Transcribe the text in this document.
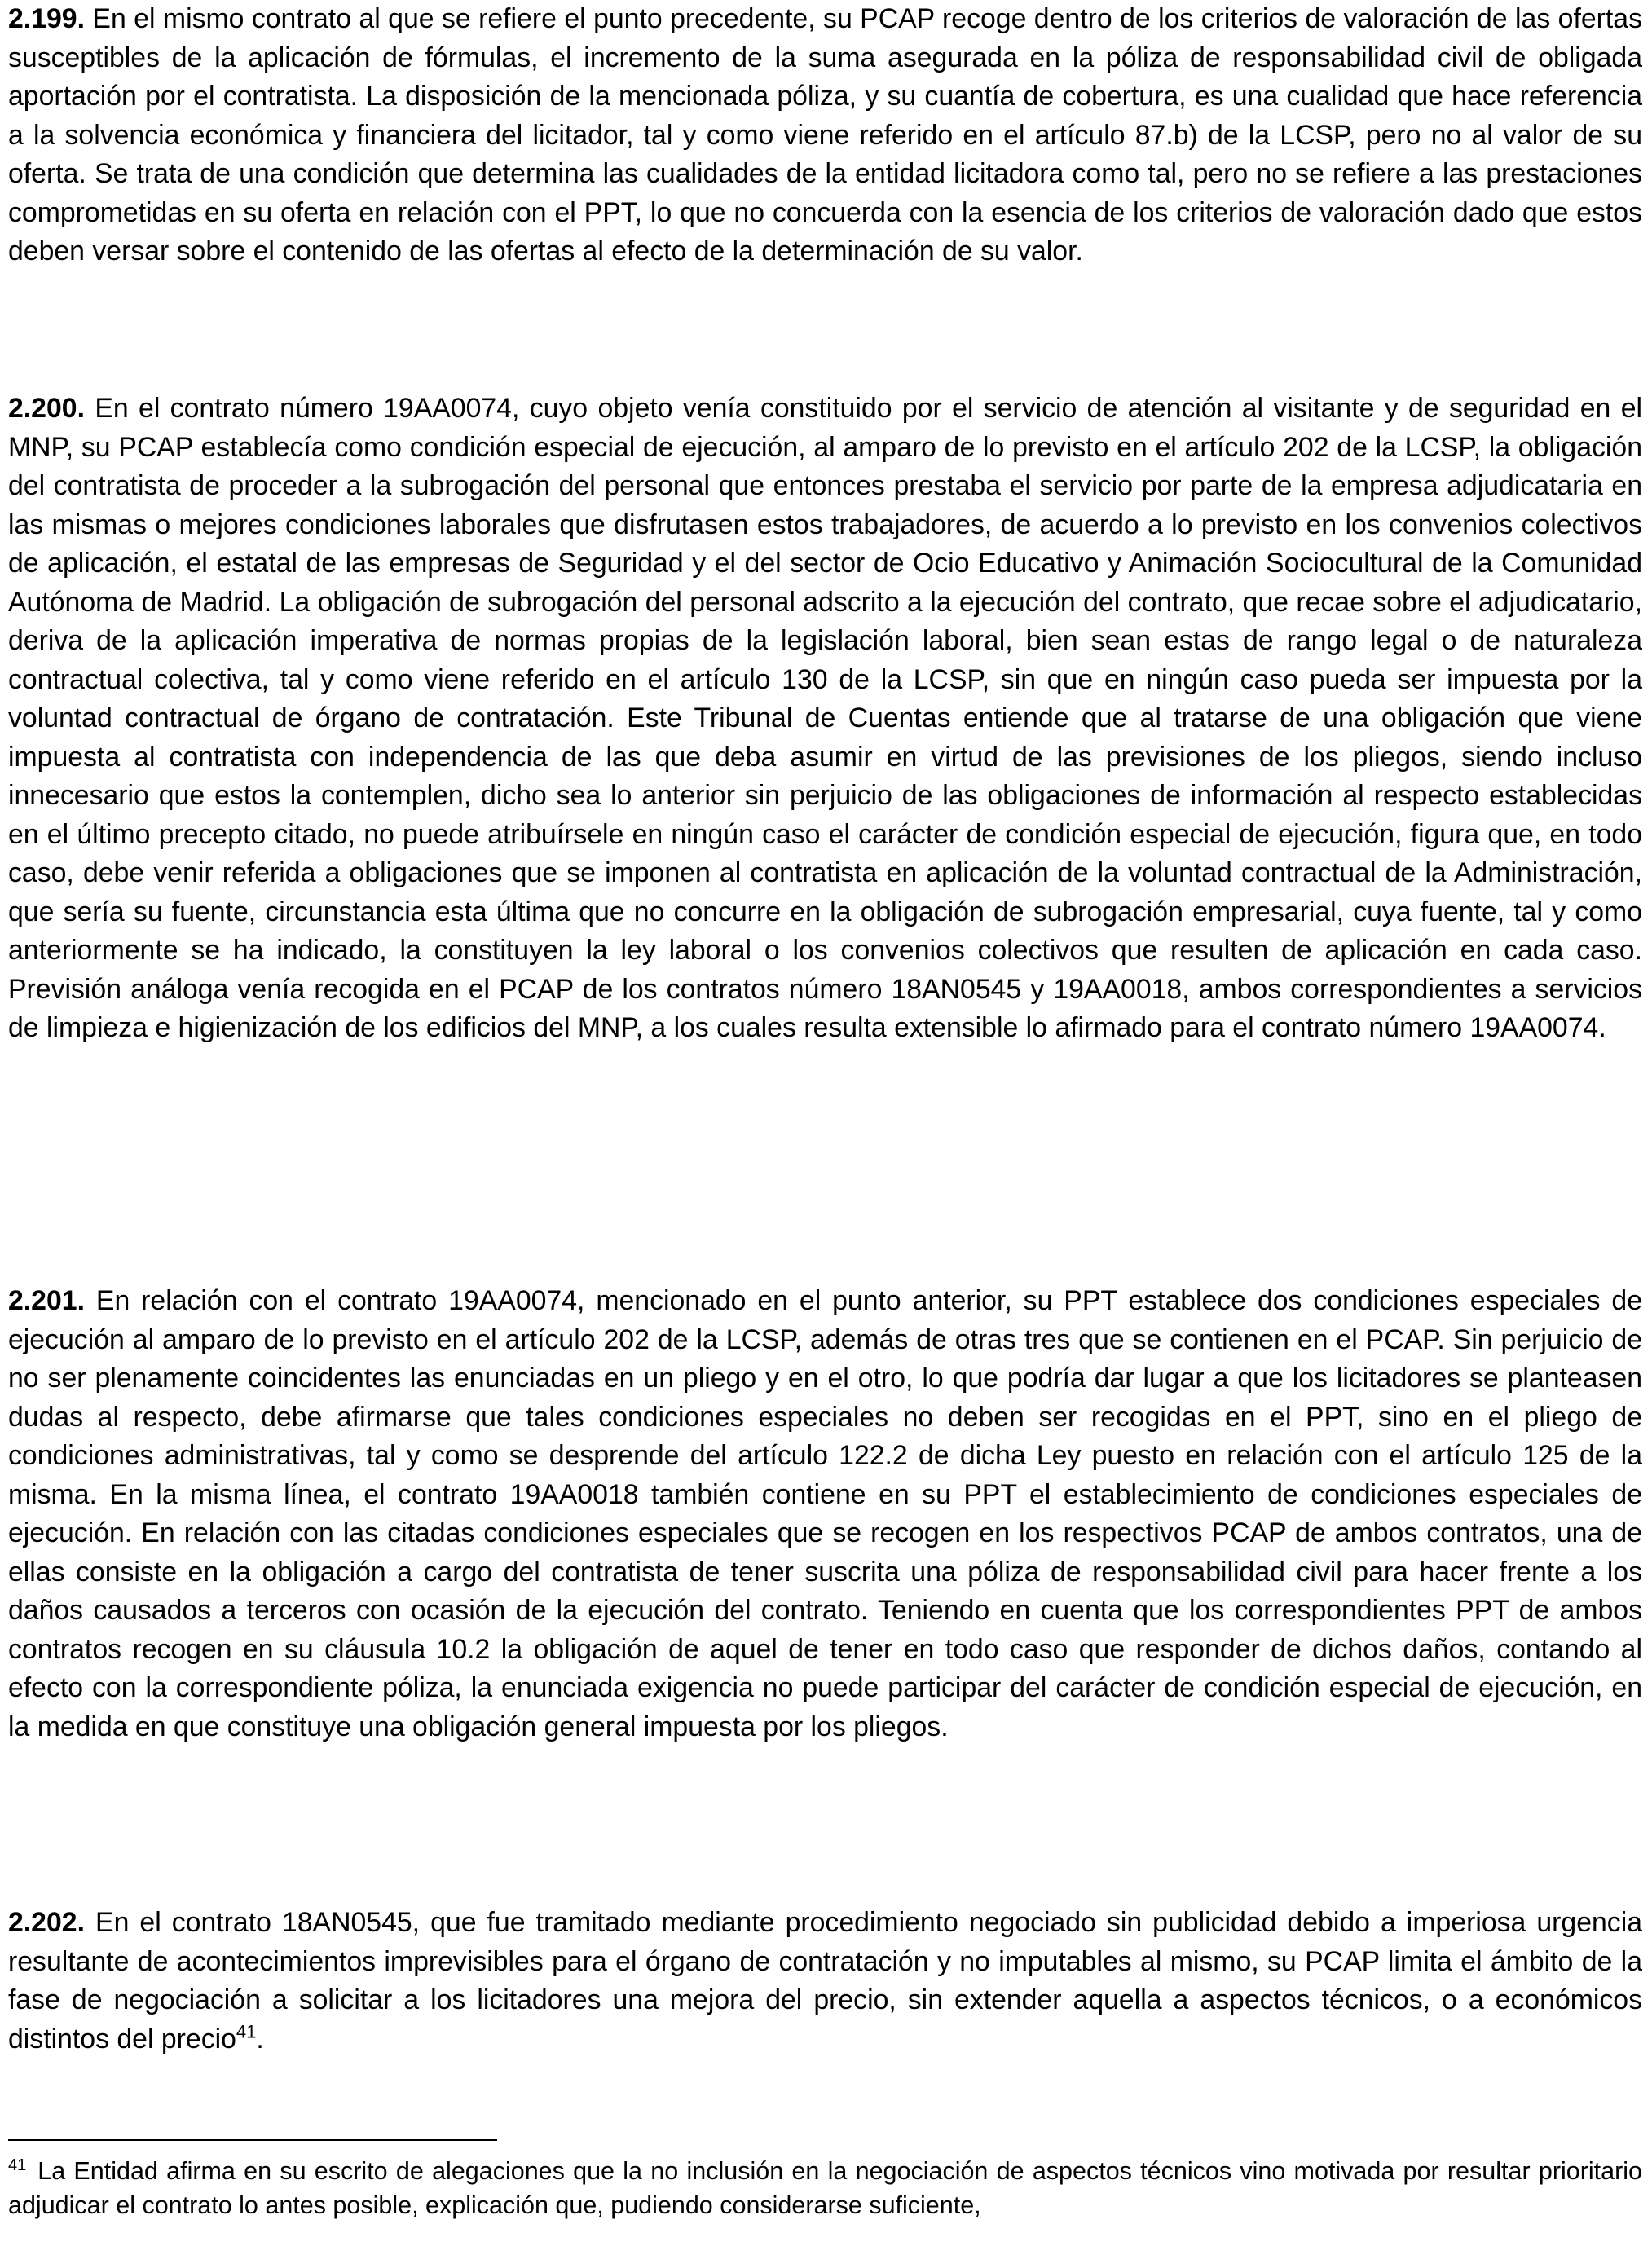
2.199. En el mismo contrato al que se refiere el punto precedente, su PCAP recoge dentro de los criterios de valoración de las ofertas susceptibles de la aplicación de fórmulas, el incremento de la suma asegurada en la póliza de responsabilidad civil de obligada aportación por el contratista. La disposición de la mencionada póliza, y su cuantía de cobertura, es una cualidad que hace referencia a la solvencia económica y financiera del licitador, tal y como viene referido en el artículo 87.b) de la LCSP, pero no al valor de su oferta. Se trata de una condición que determina las cualidades de la entidad licitadora como tal, pero no se refiere a las prestaciones comprometidas en su oferta en relación con el PPT, lo que no concuerda con la esencia de los criterios de valoración dado que estos deben versar sobre el contenido de las ofertas al efecto de la determinación de su valor.

2.200. En el contrato número 19AA0074, cuyo objeto venía constituido por el servicio de atención al visitante y de seguridad en el MNP, su PCAP establecía como condición especial de ejecución, al amparo de lo previsto en el artículo 202 de la LCSP, la obligación del contratista de proceder a la subrogación del personal que entonces prestaba el servicio por parte de la empresa adjudicataria en las mismas o mejores condiciones laborales que disfrutasen estos trabajadores, de acuerdo a lo previsto en los convenios colectivos de aplicación, el estatal de las empresas de Seguridad y el del sector de Ocio Educativo y Animación Sociocultural de la Comunidad Autónoma de Madrid. La obligación de subrogación del personal adscrito a la ejecución del contrato, que recae sobre el adjudicatario, deriva de la aplicación imperativa de normas propias de la legislación laboral, bien sean estas de rango legal o de naturaleza contractual colectiva, tal y como viene referido en el artículo 130 de la LCSP, sin que en ningún caso pueda ser impuesta por la voluntad contractual de órgano de contratación. Este Tribunal de Cuentas entiende que al tratarse de una obligación que viene impuesta al contratista con independencia de las que deba asumir en virtud de las previsiones de los pliegos, siendo incluso innecesario que estos la contemplen, dicho sea lo anterior sin perjuicio de las obligaciones de información al respecto establecidas en el último precepto citado, no puede atribuírsele en ningún caso el carácter de condición especial de ejecución, figura que, en todo caso, debe venir referida a obligaciones que se imponen al contratista en aplicación de la voluntad contractual de la Administración, que sería su fuente, circunstancia esta última que no concurre en la obligación de subrogación empresarial, cuya fuente, tal y como anteriormente se ha indicado, la constituyen la ley laboral o los convenios colectivos que resulten de aplicación en cada caso. Previsión análoga venía recogida en el PCAP de los contratos número 18AN0545 y 19AA0018, ambos correspondientes a servicios de limpieza e higienización de los edificios del MNP, a los cuales resulta extensible lo afirmado para el contrato número 19AA0074.

2.201. En relación con el contrato 19AA0074, mencionado en el punto anterior, su PPT establece dos condiciones especiales de ejecución al amparo de lo previsto en el artículo 202 de la LCSP, además de otras tres que se contienen en el PCAP. Sin perjuicio de no ser plenamente coincidentes las enunciadas en un pliego y en el otro, lo que podría dar lugar a que los licitadores se planteasen dudas al respecto, debe afirmarse que tales condiciones especiales no deben ser recogidas en el PPT, sino en el pliego de condiciones administrativas, tal y como se desprende del artículo 122.2 de dicha Ley puesto en relación con el artículo 125 de la misma. En la misma línea, el contrato 19AA0018 también contiene en su PPT el establecimiento de condiciones especiales de ejecución. En relación con las citadas condiciones especiales que se recogen en los respectivos PCAP de ambos contratos, una de ellas consiste en la obligación a cargo del contratista de tener suscrita una póliza de responsabilidad civil para hacer frente a los daños causados a terceros con ocasión de la ejecución del contrato. Teniendo en cuenta que los correspondientes PPT de ambos contratos recogen en su cláusula 10.2 la obligación de aquel de tener en todo caso que responder de dichos daños, contando al efecto con la correspondiente póliza, la enunciada exigencia no puede participar del carácter de condición especial de ejecución, en la medida en que constituye una obligación general impuesta por los pliegos.

2.202. En el contrato 18AN0545, que fue tramitado mediante procedimiento negociado sin publicidad debido a imperiosa urgencia resultante de acontecimientos imprevisibles para el órgano de contratación y no imputables al mismo, su PCAP limita el ámbito de la fase de negociación a solicitar a los licitadores una mejora del precio, sin extender aquella a aspectos técnicos, o a económicos distintos del precio$^{41}$.

$^{41}$ La Entidad afirma en su escrito de alegaciones que la no inclusión en la negociación de aspectos técnicos vino motivada por resultar prioritario adjudicar el contrato lo antes posible, explicación que, pudiendo considerarse suficiente,
